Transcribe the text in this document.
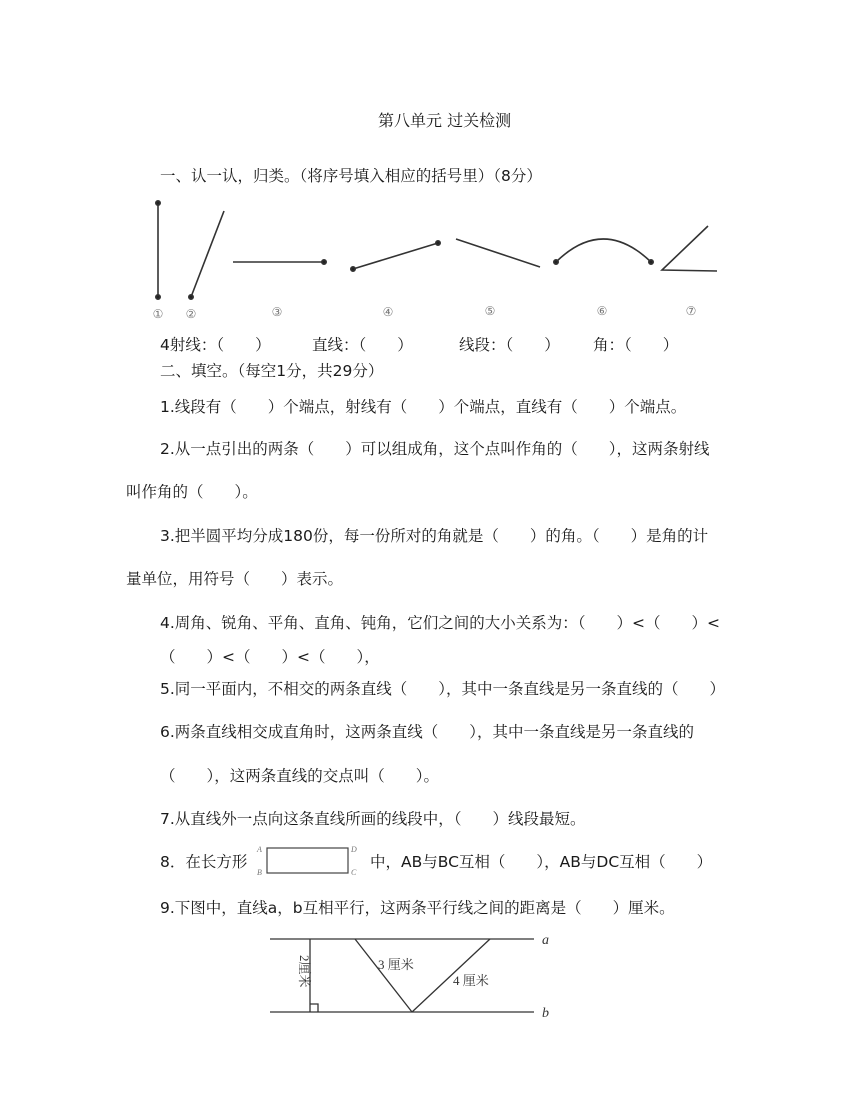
第八单元 过关检测
一、认一认，归类。（将序号填入相应的括号里）（8分）
① ②	③	④	⑤	⑥	⑦
4射线：（　　）	直线：（　　）	线段：（　　） 角：（　　）
二、填空。（每空1分，共29分）
1.线段有（　　）个端点，射线有（　　）个端点，直线有（　　）个端点。
2.从一点引出的两条（　　）可以组成角，这个点叫作角的（　　），这两条射线
叫作角的（　　）。
3.把半圆平均分成180份，每一份所对的角就是（　　）的角。（　　）是角的计
量单位，用符号（　　）表示。
4.周角、锐角、平角、直角、钝角，它们之间的大小关系为：（　　）<（　　）<
（　　）<（　　）<（　　），
5.同一平面内，不相交的两条直线（　　），其中一条直线是另一条直线的（　　）
6.两条直线相交成直角时，这两条直线（　　），其中一条直线是另一条直线的
（　　），这两条直线的交点叫（　　）。
7.从直线外一点向这条直线所画的线段中，（　　）线段最短。
8．在长方形
A
B	C
D
中，AB与BC互相（　　），AB与DC互相（　　）
9.下图中，直线a，b互相平行，这两条平行线之间的距离是（　　）厘米。
a
b
3 厘米
4 厘米
2厘米
